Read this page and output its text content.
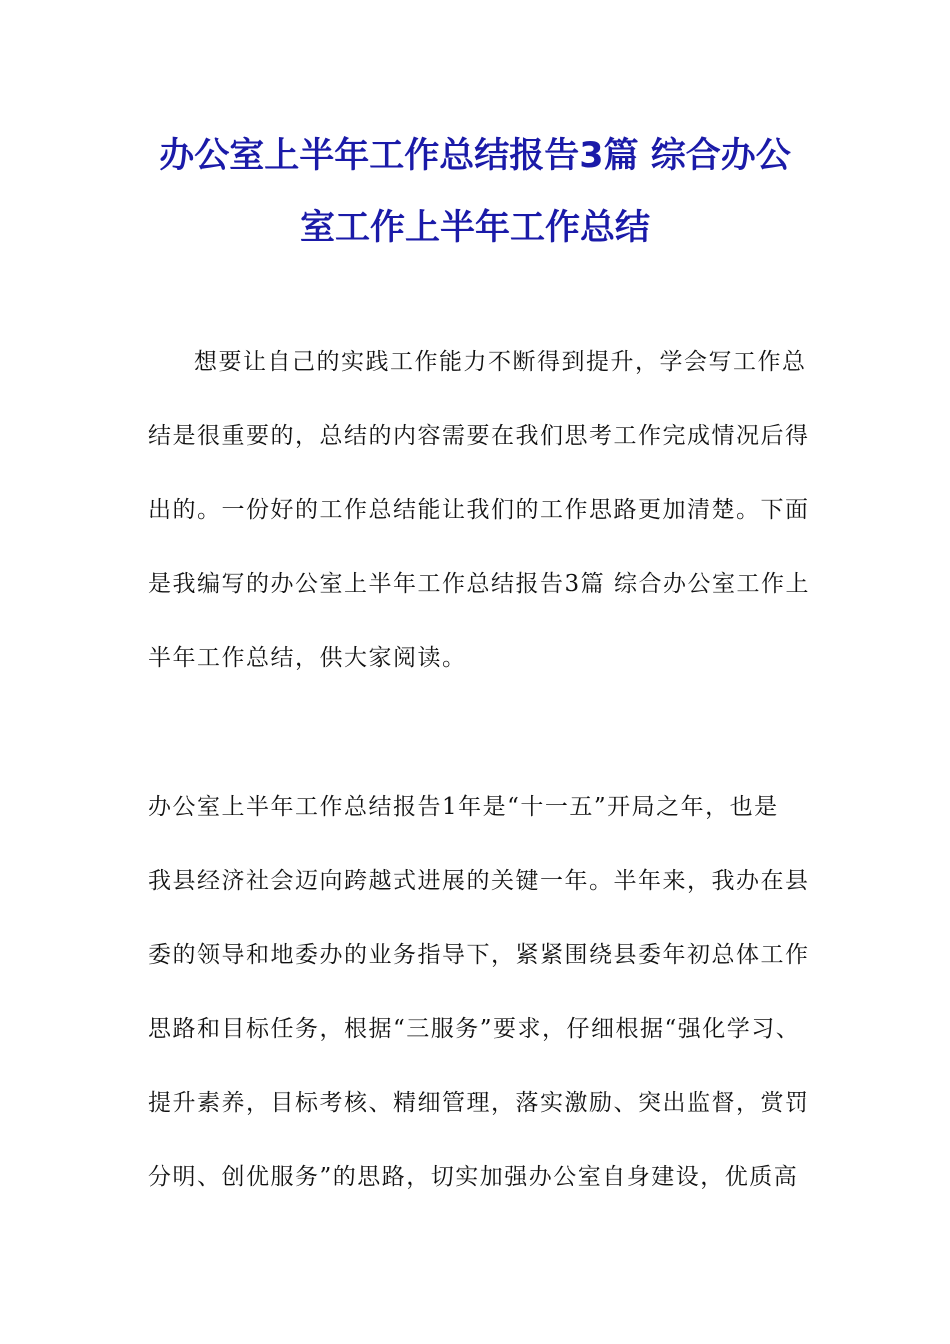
办公室上半年工作总结报告3篇 综合办公
室工作上半年工作总结
想要让自己的实践工作能力不断得到提升，学会写工作总
结是很重要的，总结的内容需要在我们思考工作完成情况后得
出的。一份好的工作总结能让我们的工作思路更加清楚。下面
是我编写的办公室上半年工作总结报告3篇 综合办公室工作上
半年工作总结，供大家阅读。
办公室上半年工作总结报告1年是“十一五”开局之年，也是
我县经济社会迈向跨越式进展的关键一年。半年来，我办在县
委的领导和地委办的业务指导下，紧紧围绕县委年初总体工作
思路和目标任务，根据“三服务”要求，仔细根据“强化学习、
提升素养，目标考核、精细管理，落实激励、突出监督，赏罚
分明、创优服务”的思路，切实加强办公室自身建设，优质高
